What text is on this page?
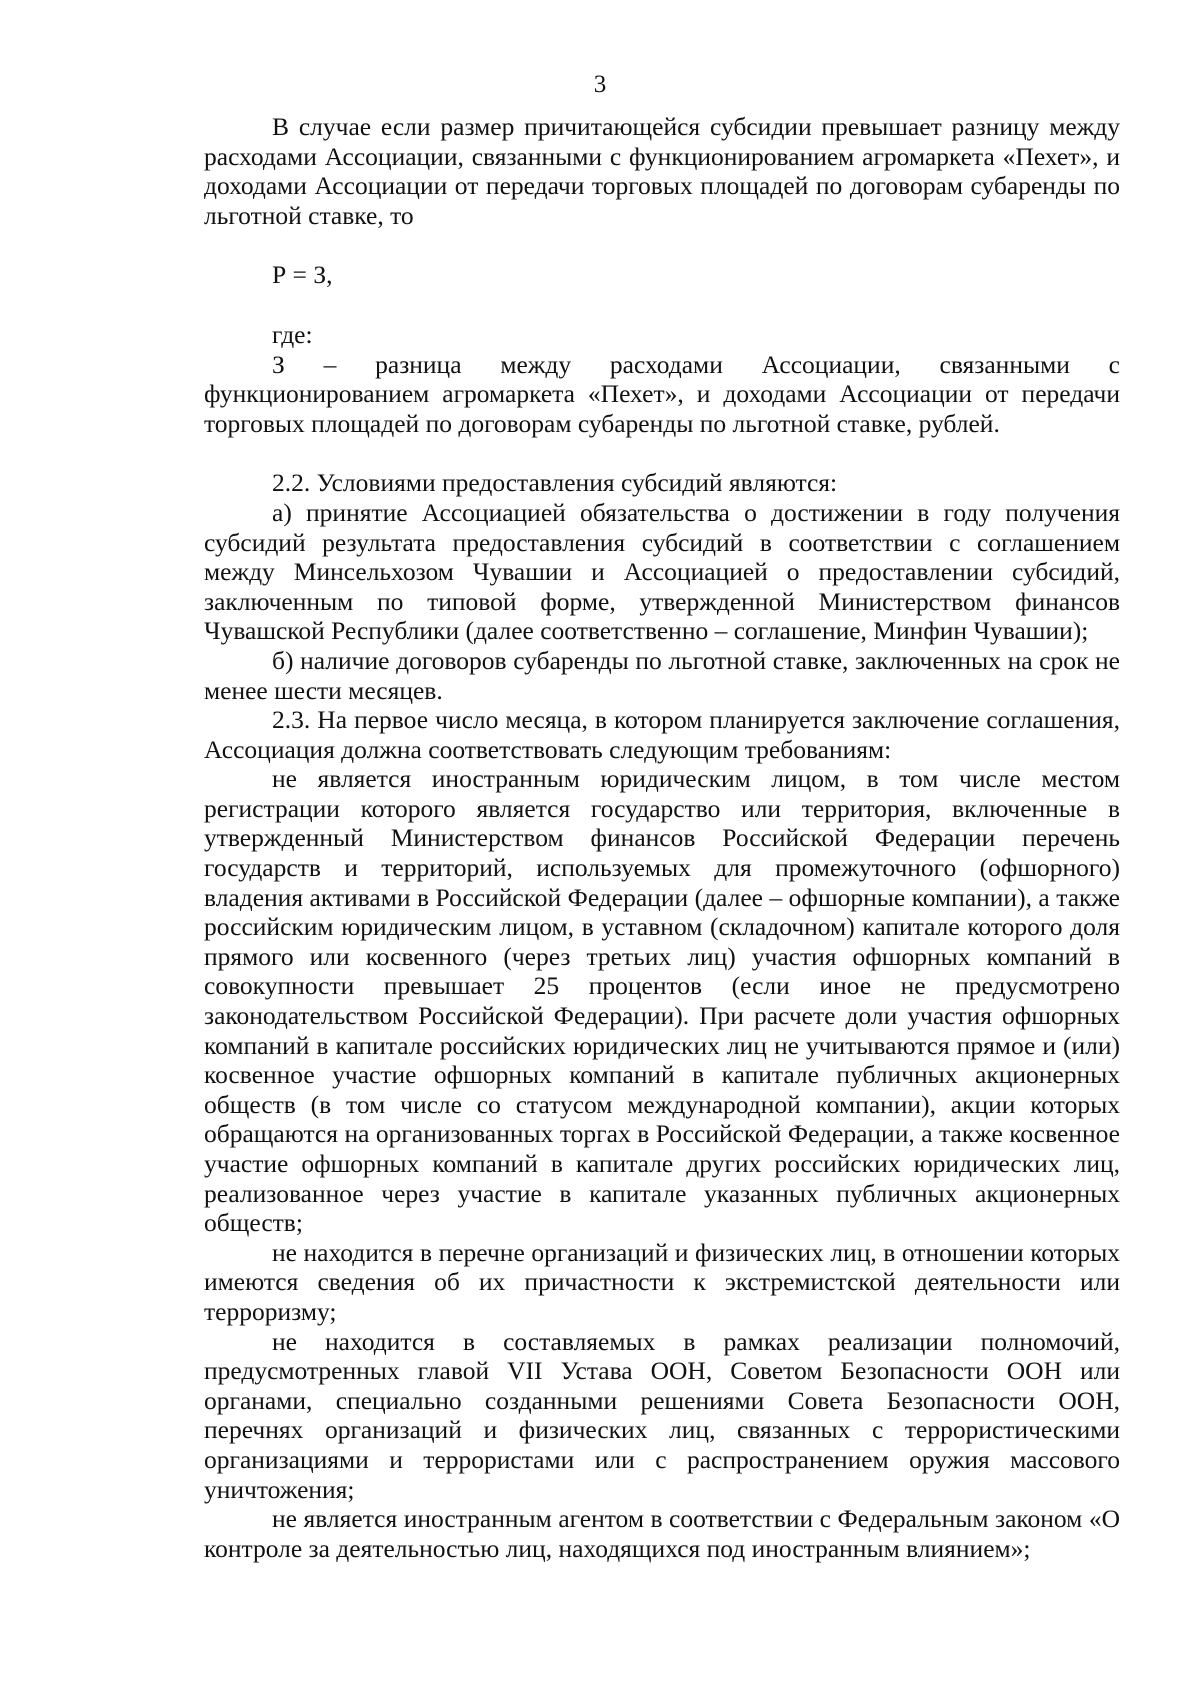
3

В случае если размер причитающейся субсидии превышает разницу между расходами Ассоциации, связанными с функционированием агромаркета «Пехет», и доходами Ассоциации от передачи торговых площадей по договорам субаренды по льготной ставке, то

Р = З,

где:

З – разница между расходами Ассоциации, связанными с функционированием агромаркета «Пехет», и доходами Ассоциации от передачи торговых площадей по договорам субаренды по льготной ставке, рублей.

2.2. Условиями предоставления субсидий являются:

а) принятие Ассоциацией обязательства о достижении в году получения субсидий результата предоставления субсидий в соответствии с соглашением между Минсельхозом Чувашии и Ассоциацией о предоставлении субсидий, заключенным по типовой форме, утвержденной Министерством финансов Чувашской Республики (далее соответственно – соглашение, Минфин Чувашии);

б) наличие договоров субаренды по льготной ставке, заключенных на срок не менее шести месяцев.

2.3. На первое число месяца, в котором планируется заключение соглашения, Ассоциация должна соответствовать следующим требованиям:

не является иностранным юридическим лицом, в том числе местом регистрации которого является государство или территория, включенные в утвержденный Министерством финансов Российской Федерации перечень государств и территорий, используемых для промежуточного (офшорного) владения активами в Российской Федерации (далее – офшорные компании), а также российским юридическим лицом, в уставном (складочном) капитале которого доля прямого или косвенного (через третьих лиц) участия офшорных компаний в совокупности превышает 25 процентов (если иное не предусмотрено законодательством Российской Федерации). При расчете доли участия офшорных компаний в капитале российских юридических лиц не учитываются прямое и (или) косвенное участие офшорных компаний в капитале публичных акционерных обществ (в том числе со статусом международной компании), акции которых обращаются на организованных торгах в Российской Федерации, а также косвенное участие офшорных компаний в капитале других российских юридических лиц, реализованное через участие в капитале указанных публичных акционерных обществ;

не находится в перечне организаций и физических лиц, в отношении которых имеются сведения об их причастности к экстремистской деятельности или терроризму;

не находится в составляемых в рамках реализации полномочий, предусмотренных главой VII Устава ООН, Советом Безопасности ООН или органами, специально созданными решениями Совета Безопасности ООН, перечнях организаций и физических лиц, связанных с террористическими организациями и террористами или с распространением оружия массового уничтожения;

не является иностранным агентом в соответствии с Федеральным законом «О контроле за деятельностью лиц, находящихся под иностранным влиянием»;
